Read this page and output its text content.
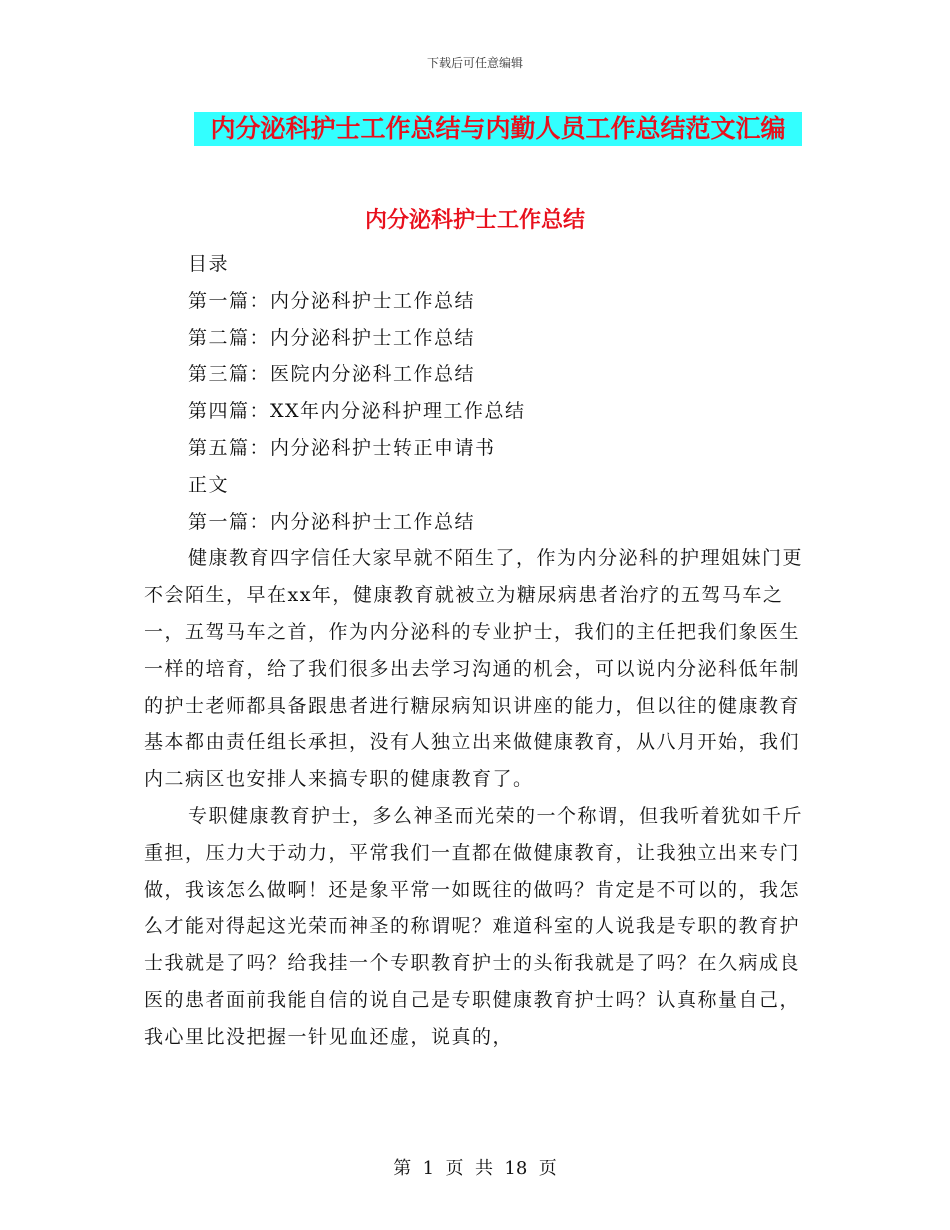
下载后可任意编辑
内分泌科护士工作总结与内勤人员工作总结范文汇编
内分泌科护士工作总结

目录

第一篇：内分泌科护士工作总结

第二篇：内分泌科护士工作总结

第三篇：医院内分泌科工作总结

第四篇：XX年内分泌科护理工作总结

第五篇：内分泌科护士转正申请书

正文

第一篇：内分泌科护士工作总结

健康教育四字信任大家早就不陌生了，作为内分泌科的护理姐妹门更不会陌生，早在xx年，健康教育就被立为糖尿病患者治疗的五驾马车之一，五驾马车之首，作为内分泌科的专业护士，我们的主任把我们象医生一样的培育，给了我们很多出去学习沟通的机会，可以说内分泌科低年制的护士老师都具备跟患者进行糖尿病知识讲座的能力，但以往的健康教育基本都由责任组长承担，没有人独立出来做健康教育，从八月开始，我们内二病区也安排人来搞专职的健康教育了。

专职健康教育护士，多么神圣而光荣的一个称谓，但我听着犹如千斤重担，压力大于动力，平常我们一直都在做健康教育，让我独立出来专门做，我该怎么做啊！还是象平常一如既往的做吗？肯定是不可以的，我怎么才能对得起这光荣而神圣的称谓呢？难道科室的人说我是专职的教育护士我就是了吗？给我挂一个专职教育护士的头衔我就是了吗？在久病成良医的患者面前我能自信的说自己是专职健康教育护士吗？认真称量自己，我心里比没把握一针见血还虚，说真的，

第  1  页  共  18  页
